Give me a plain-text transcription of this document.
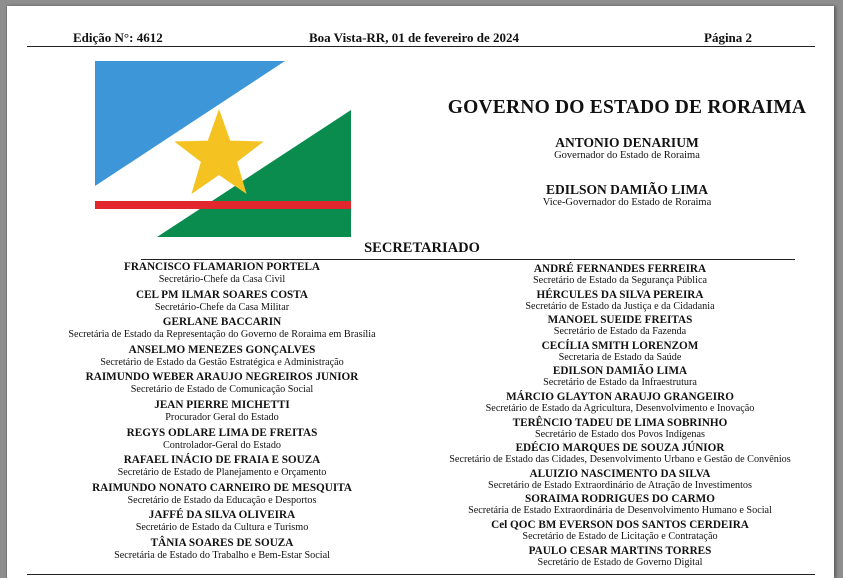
Edição N°: 4612	Boa Vista-RR, 01 de fevereiro de 2024	Página 2
GOVERNO DO ESTADO DE RORAIMA
ANTONIO DENARIUM
Governador do Estado de Roraima
EDILSON DAMIÃO LIMA
Vice-Governador do Estado de Roraima
SECRETARIADO
FRANCISCO FLAMARION PORTELA
Secretário-Chefe da Casa Civil
CEL PM ILMAR SOARES COSTA
Secretário-Chefe da Casa Militar
GERLANE BACCARIN
Secretária de Estado da Representação do Governo de Roraima em Brasília
ANSELMO MENEZES GONÇALVES
Secretário de Estado da Gestão Estratégica e Administração
RAIMUNDO WEBER ARAUJO NEGREIROS JUNIOR
Secretário de Estado de Comunicação Social
JEAN PIERRE MICHETTI
Procurador Geral do Estado
REGYS ODLARE LIMA DE FREITAS
Controlador-Geral do Estado
RAFAEL INÁCIO DE FRAIA E SOUZA
Secretário de Estado de Planejamento e Orçamento
RAIMUNDO NONATO CARNEIRO DE MESQUITA
Secretário de Estado da Educação e Desportos
JAFFÉ DA SILVA OLIVEIRA
Secretário de Estado da Cultura e Turismo
TÂNIA SOARES DE SOUZA
Secretária de Estado do Trabalho e Bem-Estar Social
ANDRÉ FERNANDES FERREIRA
Secretário de Estado da Segurança Pública
HÉRCULES DA SILVA PEREIRA
Secretário de Estado da Justiça e da Cidadania
MANOEL SUEIDE FREITAS
Secretário de Estado da Fazenda
CECÍLIA SMITH LORENZOM
Secretaria de Estado da Saúde
EDILSON DAMIÃO LIMA
Secretário de Estado da Infraestrutura
MÁRCIO GLAYTON ARAUJO GRANGEIRO
Secretário de Estado da Agricultura, Desenvolvimento e Inovação
TERÊNCIO TADEU DE LIMA SOBRINHO
Secretário de Estado dos Povos Indígenas
EDÉCIO MARQUES DE SOUZA JÚNIOR
Secretário de Estado das Cidades, Desenvolvimento Urbano e Gestão de Convênios
ALUIZIO NASCIMENTO DA SILVA
Secretário de Estado Extraordinário de Atração de Investimentos
SORAIMA RODRIGUES DO CARMO
Secretária de Estado Extraordinária de Desenvolvimento Humano e Social
Cel QOC BM EVERSON DOS SANTOS CERDEIRA
Secretário de Estado de Licitação e Contratação
PAULO CESAR MARTINS TORRES
Secretário de Estado de Governo Digital
